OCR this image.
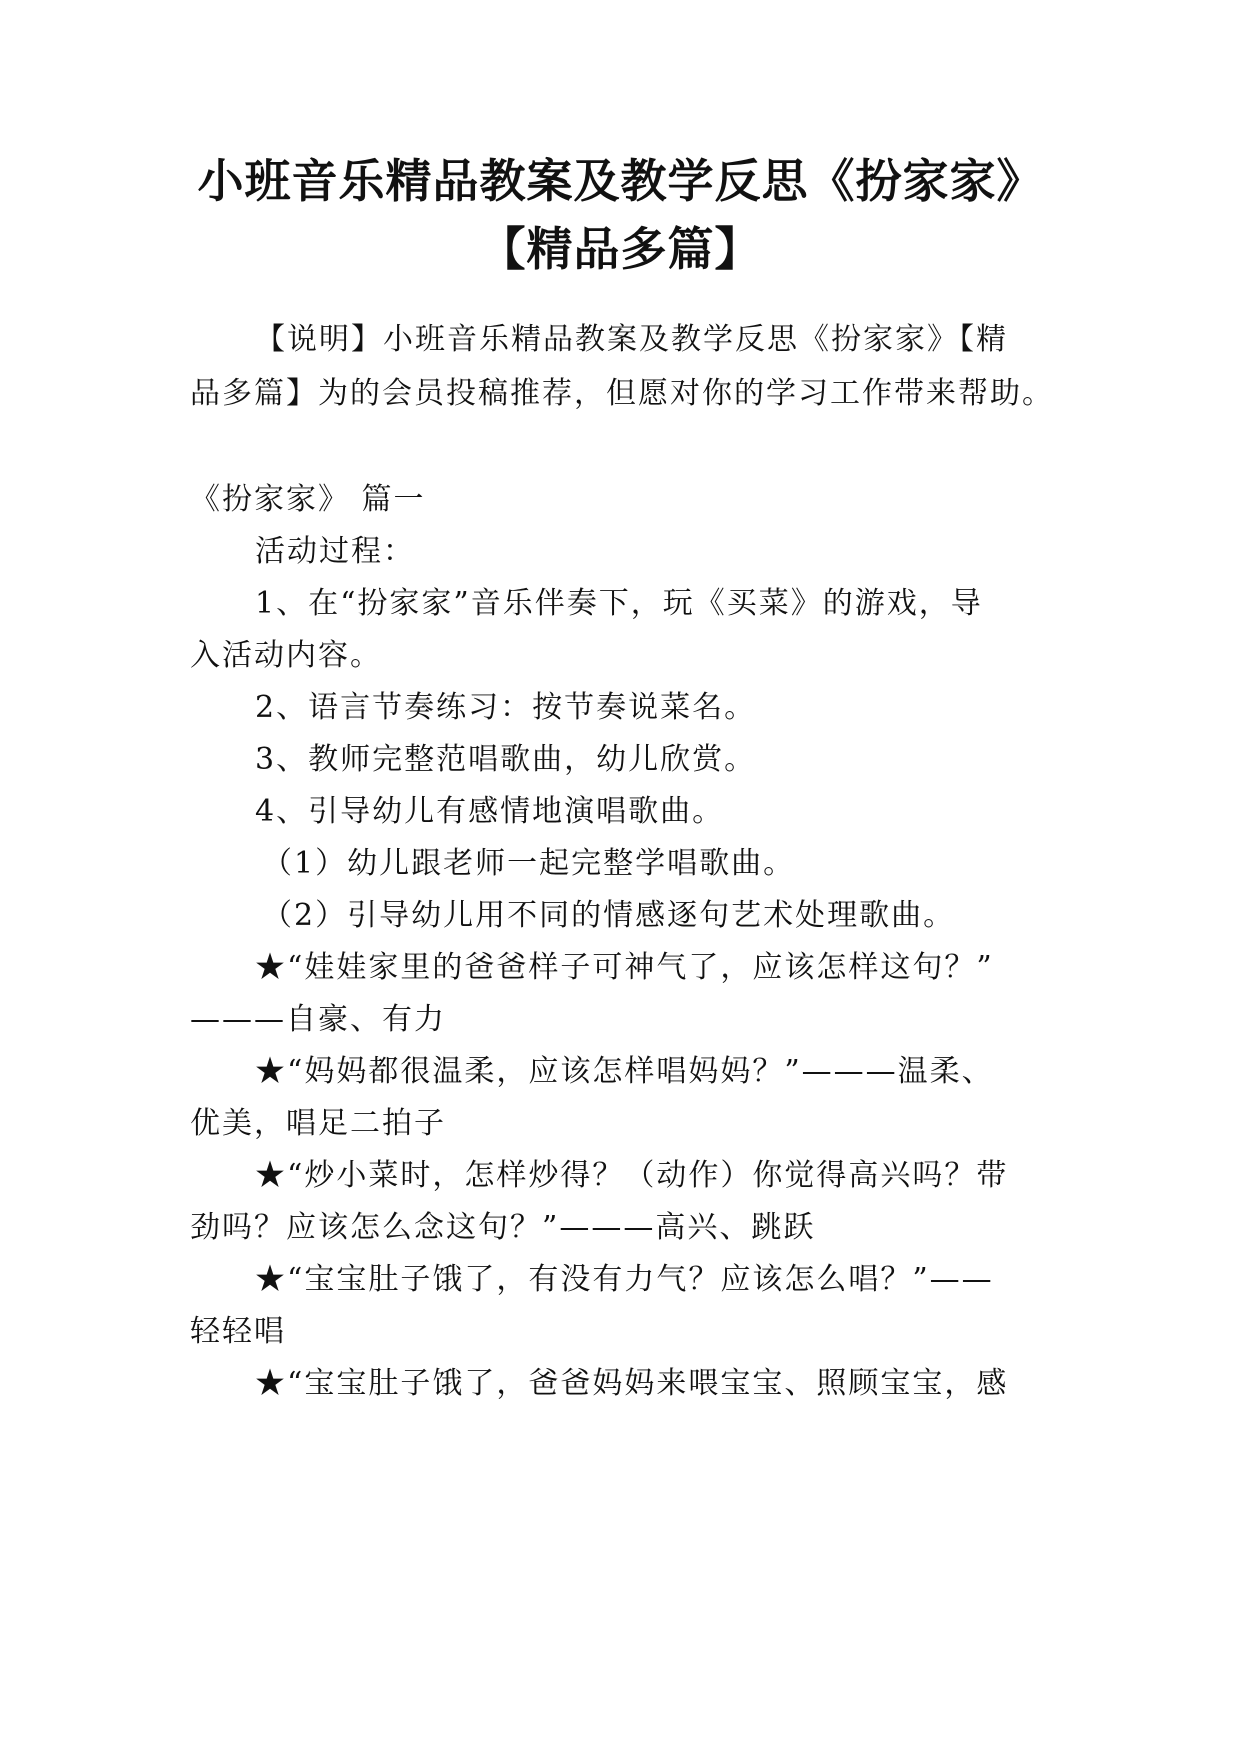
小班音乐精品教案及教学反思《扮家家》
【精品多篇】
【说明】小班音乐精品教案及教学反思《扮家家》【精
品多篇】为的会员投稿推荐，但愿对你的学习工作带来帮助。
《扮家家》 篇一
活动过程：
1、在“扮家家”音乐伴奏下，玩《买菜》的游戏，导
入活动内容。
2、语言节奏练习：按节奏说菜名。
3、教师完整范唱歌曲，幼儿欣赏。
4、引导幼儿有感情地演唱歌曲。
（1）幼儿跟老师一起完整学唱歌曲。
（2）引导幼儿用不同的情感逐句艺术处理歌曲。
★“娃娃家里的爸爸样子可神气了，应该怎样这句？”
———自豪、有力
★“妈妈都很温柔，应该怎样唱妈妈？”———温柔、
优美，唱足二拍子
★“炒小菜时，怎样炒得？（动作）你觉得高兴吗？带
劲吗？应该怎么念这句？”———高兴、跳跃
★“宝宝肚子饿了，有没有力气？应该怎么唱？”——
轻轻唱
★“宝宝肚子饿了，爸爸妈妈来喂宝宝、照顾宝宝，感
